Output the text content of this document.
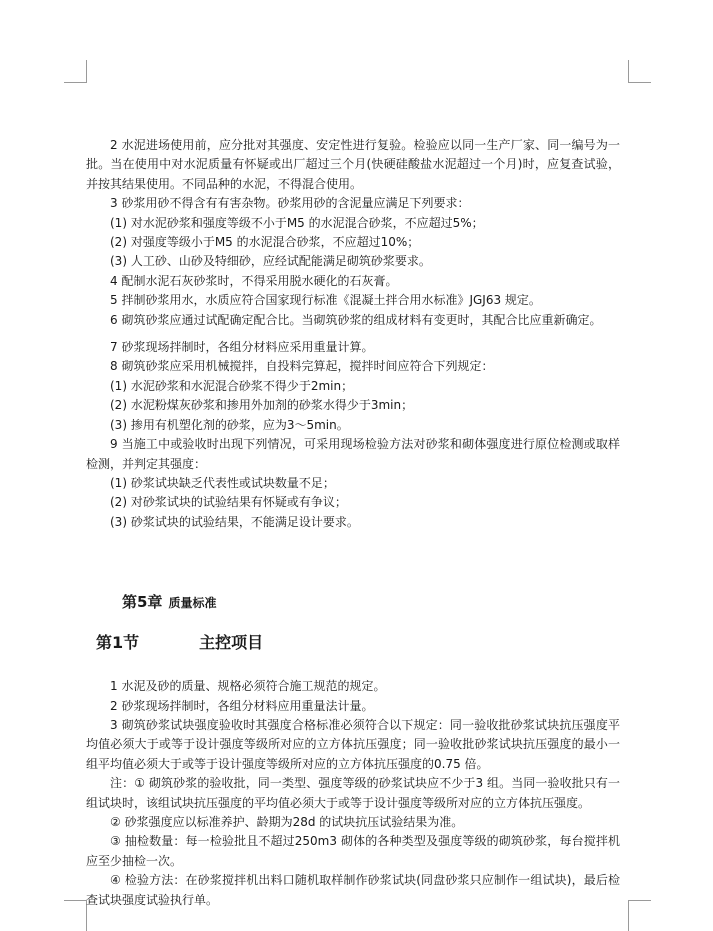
2 水泥进场使用前，应分批对其强度、安定性进行复验。检验应以同一生产厂家、同一编号为一批。当在使用中对水泥质量有怀疑或出厂超过三个月(快硬硅酸盐水泥超过一个月)时，应复查试验，并按其结果使用。不同品种的水泥，不得混合使用。

3 砂浆用砂不得含有有害杂物。砂浆用砂的含泥量应满足下列要求：

(1) 对水泥砂浆和强度等级不小于M5 的水泥混合砂浆，不应超过5%；

(2) 对强度等级小于M5 的水泥混合砂浆，不应超过10%；

(3) 人工砂、山砂及特细砂，应经试配能满足砌筑砂浆要求。

4 配制水泥石灰砂浆时，不得采用脱水硬化的石灰膏。

5 拌制砂浆用水，水质应符合国家现行标准《混凝土拌合用水标准》JGJ63 规定。

6 砌筑砂浆应通过试配确定配合比。当砌筑砂浆的组成材料有变更时，其配合比应重新确定。

7 砂浆现场拌制时，各组分材料应采用重量计算。

8 砌筑砂浆应采用机械搅拌，自投料完算起，搅拌时间应符合下列规定：

(1) 水泥砂浆和水泥混合砂浆不得少于2min；

(2) 水泥粉煤灰砂浆和掺用外加剂的砂浆水得少于3min；

(3) 掺用有机塑化剂的砂浆，应为3～5min。

9 当施工中或验收时出现下列情况，可采用现场检验方法对砂浆和砌体强度进行原位检测或取样检测，并判定其强度：

(1) 砂浆试块缺乏代表性或试块数量不足；

(2) 对砂浆试块的试验结果有怀疑或有争议；

(3) 砂浆试块的试验结果，不能满足设计要求。

第5章 质量标准
第1节	主控项目

1 水泥及砂的质量、规格必须符合施工规范的规定。

2 砂浆现场拌制时，各组分材料应用重量法计量。

3 砌筑砂浆试块强度验收时其强度合格标准必须符合以下规定：同一验收批砂浆试块抗压强度平均值必须大于或等于设计强度等级所对应的立方体抗压强度；同一验收批砂浆试块抗压强度的最小一组平均值必须大于或等于设计强度等级所对应的立方体抗压强度的0.75 倍。

注：① 砌筑砂浆的验收批，同一类型、强度等级的砂浆试块应不少于3 组。当同一验收批只有一组试块时，该组试块抗压强度的平均值必须大于或等于设计强度等级所对应的立方体抗压强度。

② 砂浆强度应以标准养护、龄期为28d 的试块抗压试验结果为准。

③ 抽检数量：每一检验批且不超过250m3 砌体的各种类型及强度等级的砌筑砂浆，每台搅拌机应至少抽检一次。

④ 检验方法：在砂浆搅拌机出料口随机取样制作砂浆试块(同盘砂浆只应制作一组试块)，最后检查试块强度试验执行单。
